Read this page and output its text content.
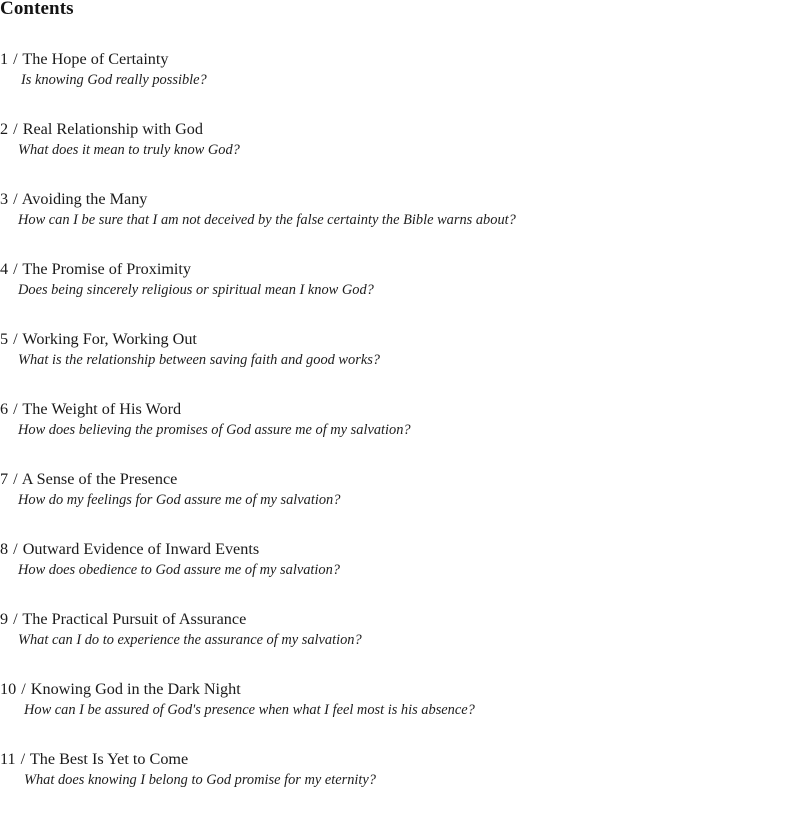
Contents
1 / The Hope of Certainty
Is knowing God really possible?
2 / Real Relationship with God
What does it mean to truly know God?
3 / Avoiding the Many
How can I be sure that I am not deceived by the false certainty the Bible warns about?
4 / The Promise of Proximity
Does being sincerely religious or spiritual mean I know God?
5 / Working For, Working Out
What is the relationship between saving faith and good works?
6 / The Weight of His Word
How does believing the promises of God assure me of my salvation?
7 / A Sense of the Presence
How do my feelings for God assure me of my salvation?
8 / Outward Evidence of Inward Events
How does obedience to God assure me of my salvation?
9 / The Practical Pursuit of Assurance
What can I do to experience the assurance of my salvation?
10 / Knowing God in the Dark Night
How can I be assured of God's presence when what I feel most is his absence?
11 / The Best Is Yet to Come
What does knowing I belong to God promise for my eternity?
